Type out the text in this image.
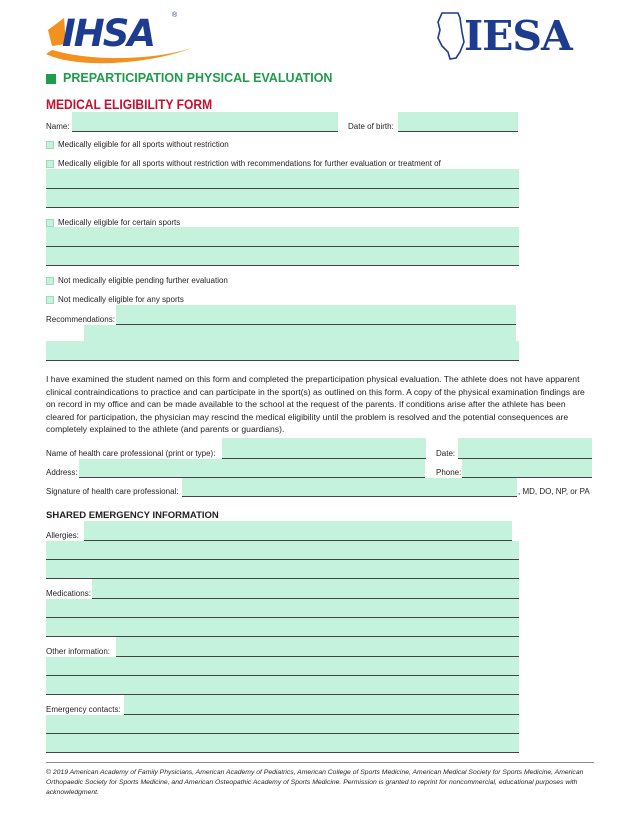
IHSA	®	IESA
PREPARTICIPATION PHYSICAL EVALUATION
MEDICAL ELIGIBILITY FORM
Name:	Date of birth:
Medically eligible for all sports without restriction
Medically eligible for all sports without restriction with recommendations for further evaluation or treatment of
Medically eligible for certain sports
Not medically eligible pending further evaluation
Not medically eligible for any sports
Recommendations:
I have examined the student named on this form and completed the preparticipation physical evaluation. The athlete does not have apparent clinical contraindications to practice and can participate in the sport(s) as outlined on this form. A copy of the physical examination findings are on record in my office and can be made available to the school at the request of the parents. If conditions arise after the athlete has been cleared for participation, the physician may rescind the medical eligibility until the problem is resolved and the potential consequences are completely explained to the athlete (and parents or guardians).
Name of health care professional (print or type):	Date:
Address:	Phone:
Signature of health care professional:	, MD, DO, NP, or PA
SHARED EMERGENCY INFORMATION
Allergies:
Medications:
Other information:
Emergency contacts:
© 2019 American Academy of Family Physicians, American Academy of Pediatrics, American College of Sports Medicine, American Medical Society for Sports Medicine, American Orthopaedic Society for Sports Medicine, and American Osteopathic Academy of Sports Medicine. Permission is granted to reprint for noncommercial, educational purposes with acknowledgment.
